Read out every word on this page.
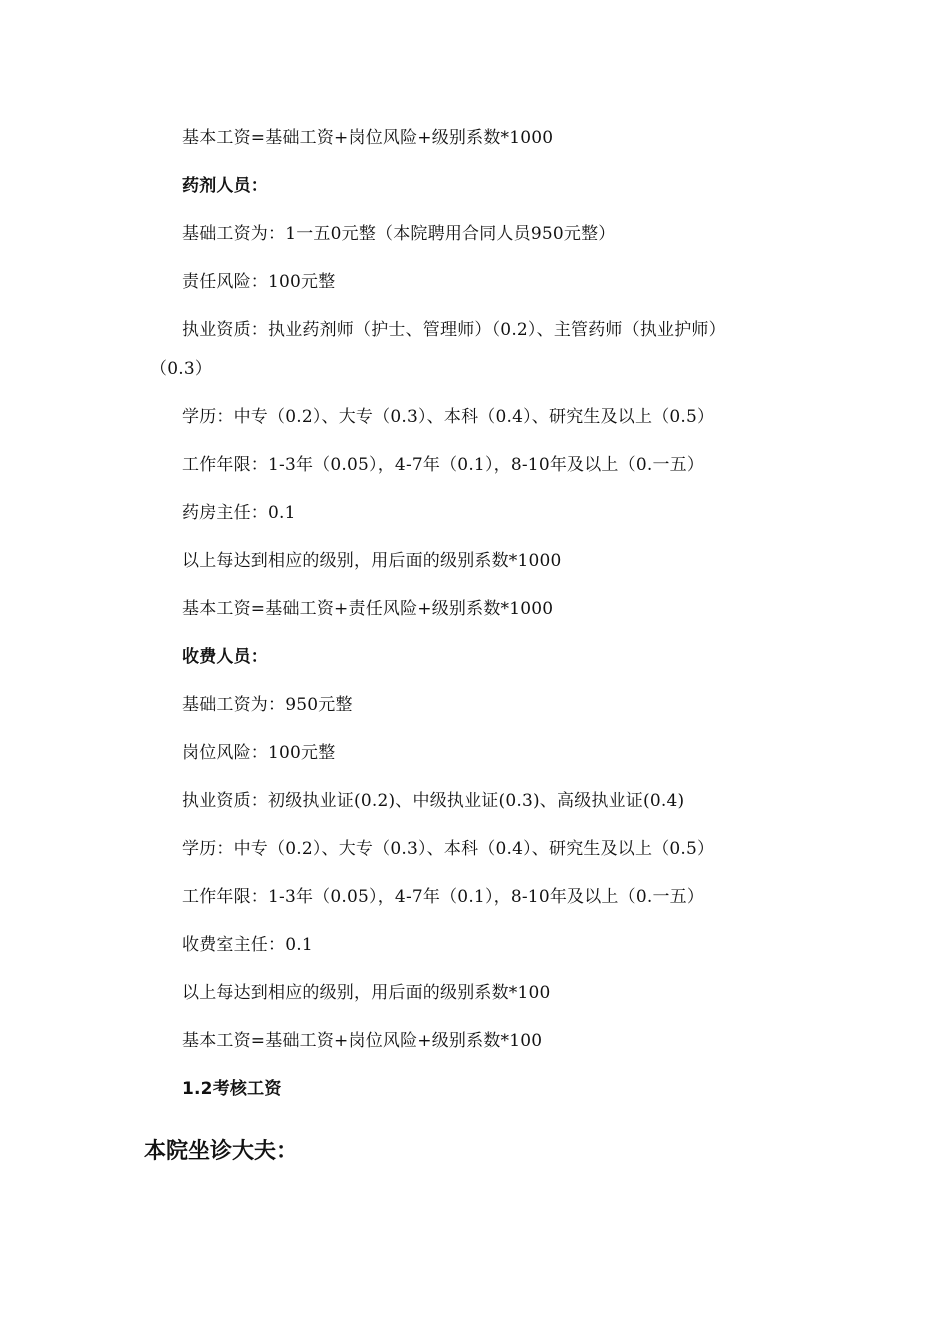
基本工资=基础工资+岗位风险+级别系数*1000
药剂人员：
基础工资为：1一五0元整（本院聘用合同人员950元整）
责任风险：100元整
执业资质：执业药剂师（护士、管理师）（0.2）、主管药师（执业护师）
（0.3）
学历：中专（0.2）、大专（0.3）、本科（0.4）、研究生及以上（0.5）
工作年限：1-3年（0.05），4-7年（0.1），8-10年及以上（0.一五）
药房主任：0.1
以上每达到相应的级别，用后面的级别系数*1000
基本工资=基础工资+责任风险+级别系数*1000
收费人员：
基础工资为：950元整
岗位风险：100元整
执业资质：初级执业证(0.2)、中级执业证(0.3)、高级执业证(0.4)
学历：中专（0.2）、大专（0.3）、本科（0.4）、研究生及以上（0.5）
工作年限：1-3年（0.05），4-7年（0.1），8-10年及以上（0.一五）
收费室主任：0.1
以上每达到相应的级别，用后面的级别系数*100
基本工资=基础工资+岗位风险+级别系数*100
1.2考核工资
本院坐诊大夫：
